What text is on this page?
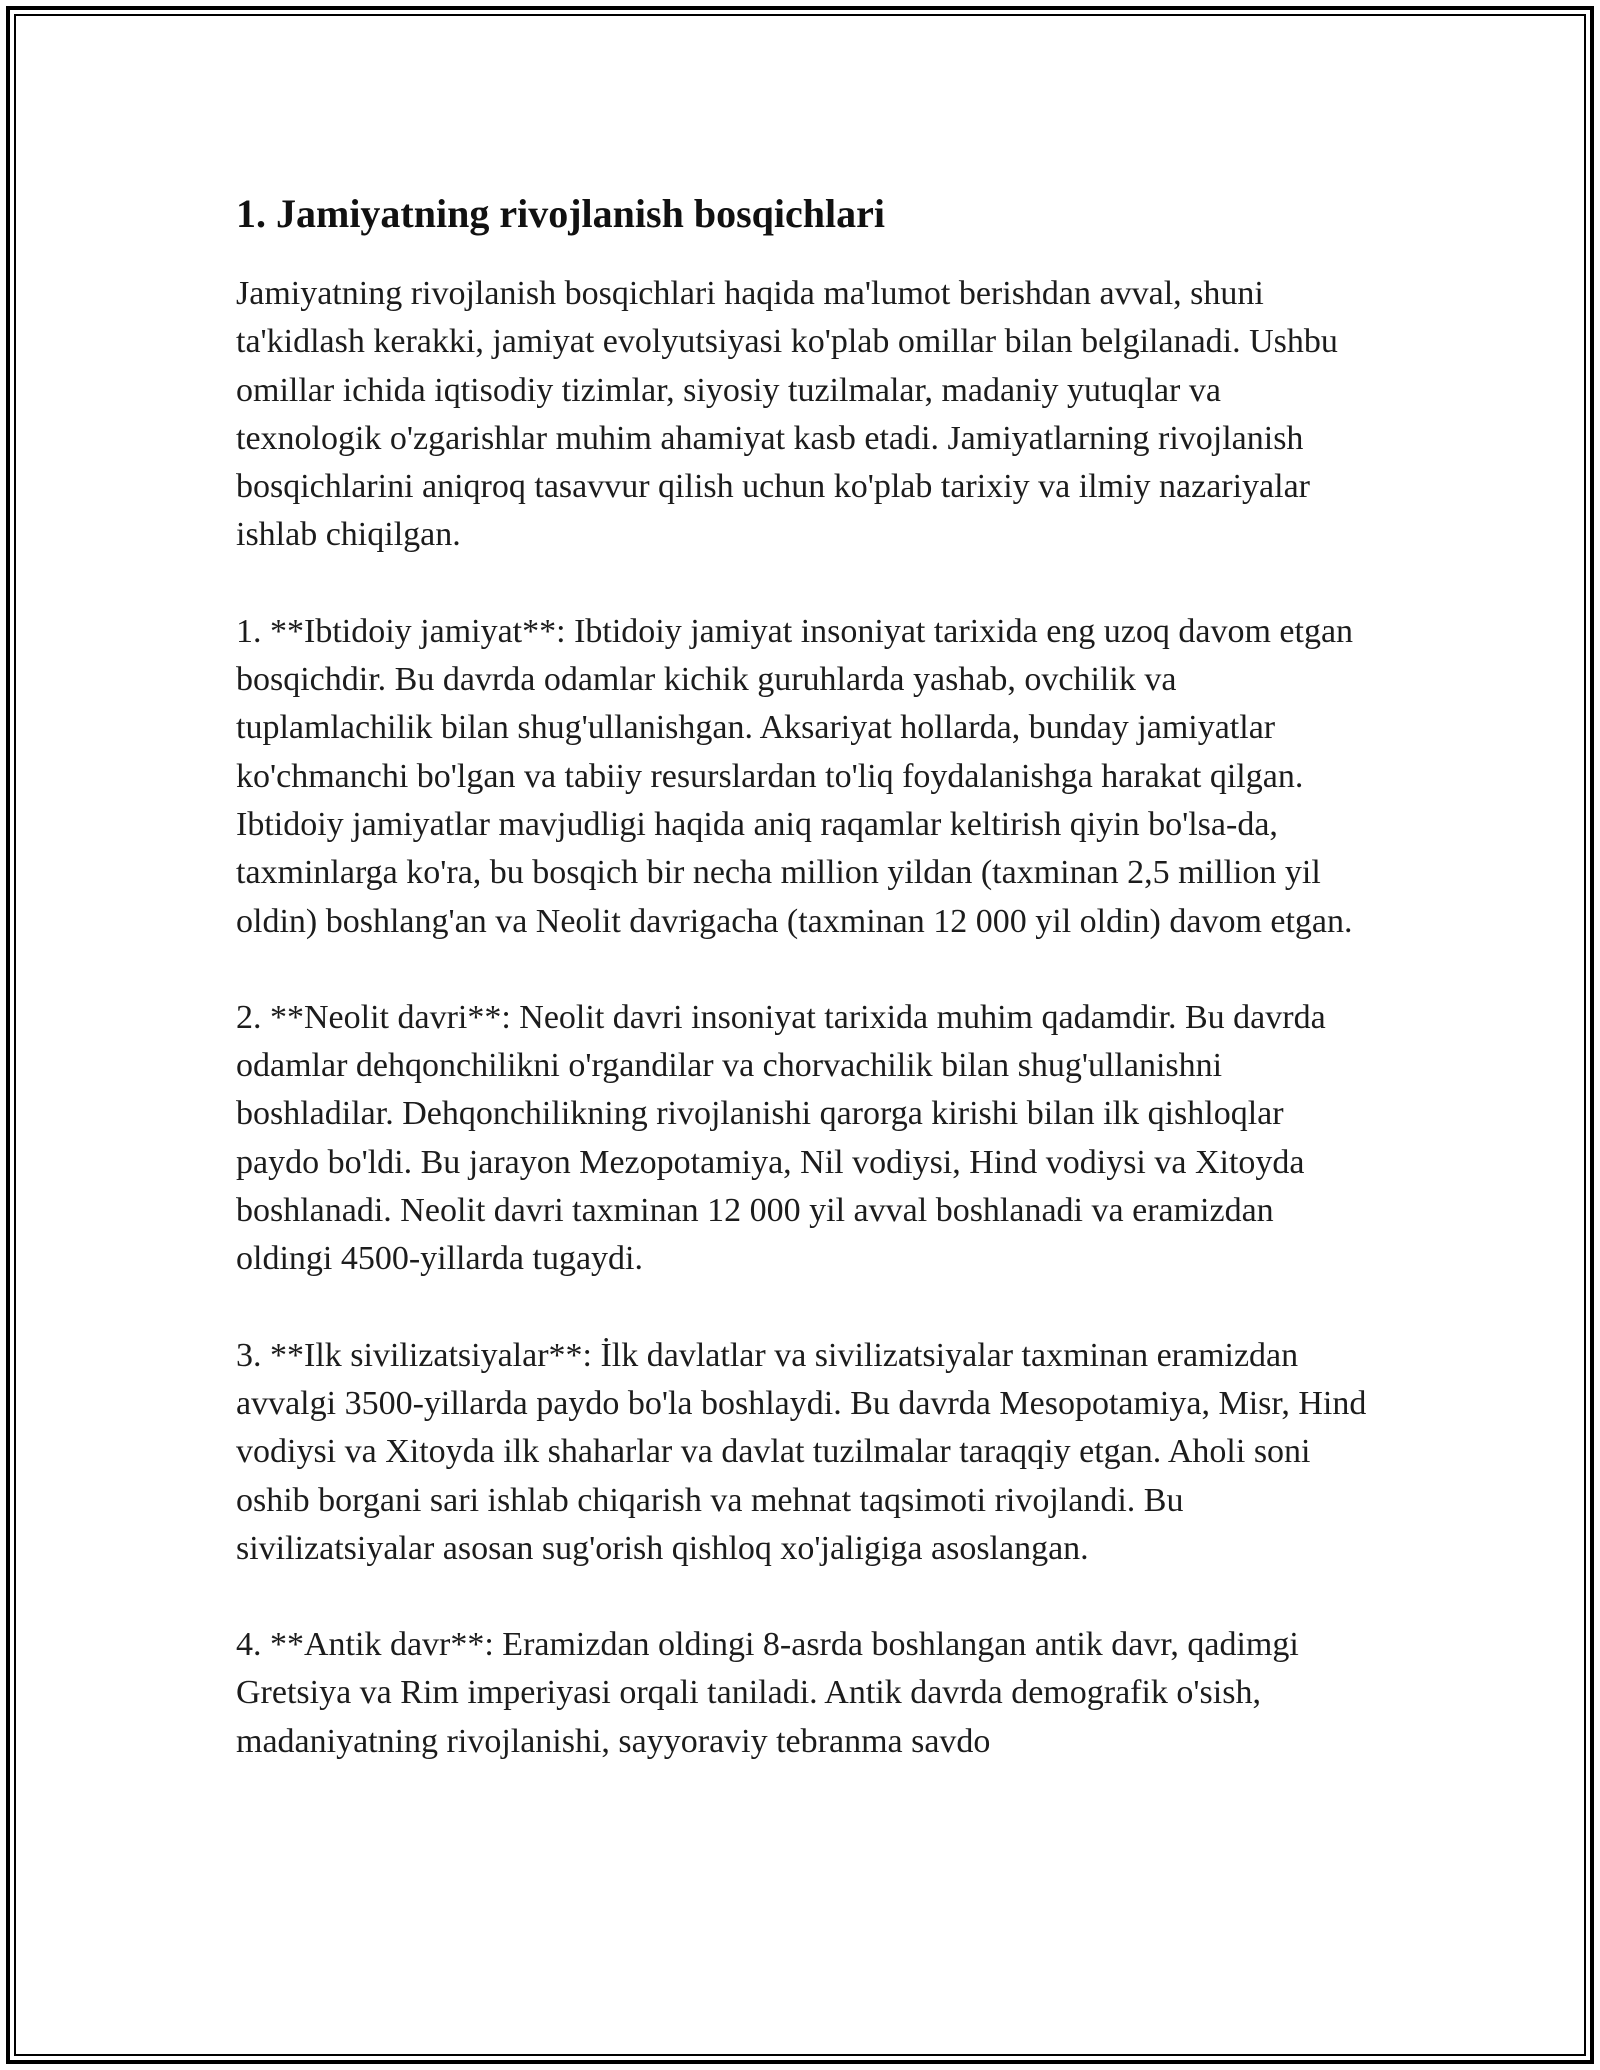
1. Jamiyatning rivojlanish bosqichlari

Jamiyatning rivojlanish bosqichlari haqida ma'lumot berishdan avval, shuni ta'kidlash kerakki, jamiyat evolyutsiyasi ko'plab omillar bilan belgilanadi. Ushbu omillar ichida iqtisodiy tizimlar, siyosiy tuzilmalar, madaniy yutuqlar va texnologik o'zgarishlar muhim ahamiyat kasb etadi. Jamiyatlarning rivojlanish bosqichlarini aniqroq tasavvur qilish uchun ko'plab tarixiy va ilmiy nazariyalar ishlab chiqilgan.

1. **Ibtidoiy jamiyat**: Ibtidoiy jamiyat insoniyat tarixida eng uzoq davom etgan bosqichdir. Bu davrda odamlar kichik guruhlarda yashab, ovchilik va tuplamlachilik bilan shug'ullanishgan. Aksariyat hollarda, bunday jamiyatlar ko'chmanchi bo'lgan va tabiiy resurslardan to'liq foydalanishga harakat qilgan. Ibtidoiy jamiyatlar mavjudligi haqida aniq raqamlar keltirish qiyin bo'lsa-da, taxminlarga ko'ra, bu bosqich bir necha million yildan (taxminan 2,5 million yil oldin) boshlang'an va Neolit davrigacha (taxminan 12 000 yil oldin) davom etgan.

2. **Neolit davri**: Neolit davri insoniyat tarixida muhim qadamdir. Bu davrda odamlar dehqonchilikni o'rgandilar va chorvachilik bilan shug'ullanishni boshladilar. Dehqonchilikning rivojlanishi qarorga kirishi bilan ilk qishloqlar paydo bo'ldi. Bu jarayon Mezopotamiya, Nil vodiysi, Hind vodiysi va Xitoyda boshlanadi. Neolit davri taxminan 12 000 yil avval boshlanadi va eramizdan oldingi 4500-yillarda tugaydi.

3. **Ilk sivilizatsiyalar**: İlk davlatlar va sivilizatsiyalar taxminan eramizdan avvalgi 3500-yillarda paydo bo'la boshlaydi. Bu davrda Mesopotamiya, Misr, Hind vodiysi va Xitoyda ilk shaharlar va davlat tuzilmalar taraqqiy etgan. Aholi soni oshib borgani sari ishlab chiqarish va mehnat taqsimoti rivojlandi. Bu sivilizatsiyalar asosan sug'orish qishloq xo'jaligiga asoslangan.

4. **Antik davr**: Eramizdan oldingi 8-asrda boshlangan antik davr, qadimgi Gretsiya va Rim imperiyasi orqali taniladi. Antik davrda demografik o'sish, madaniyatning rivojlanishi, sayyoraviy tebranma savdo
